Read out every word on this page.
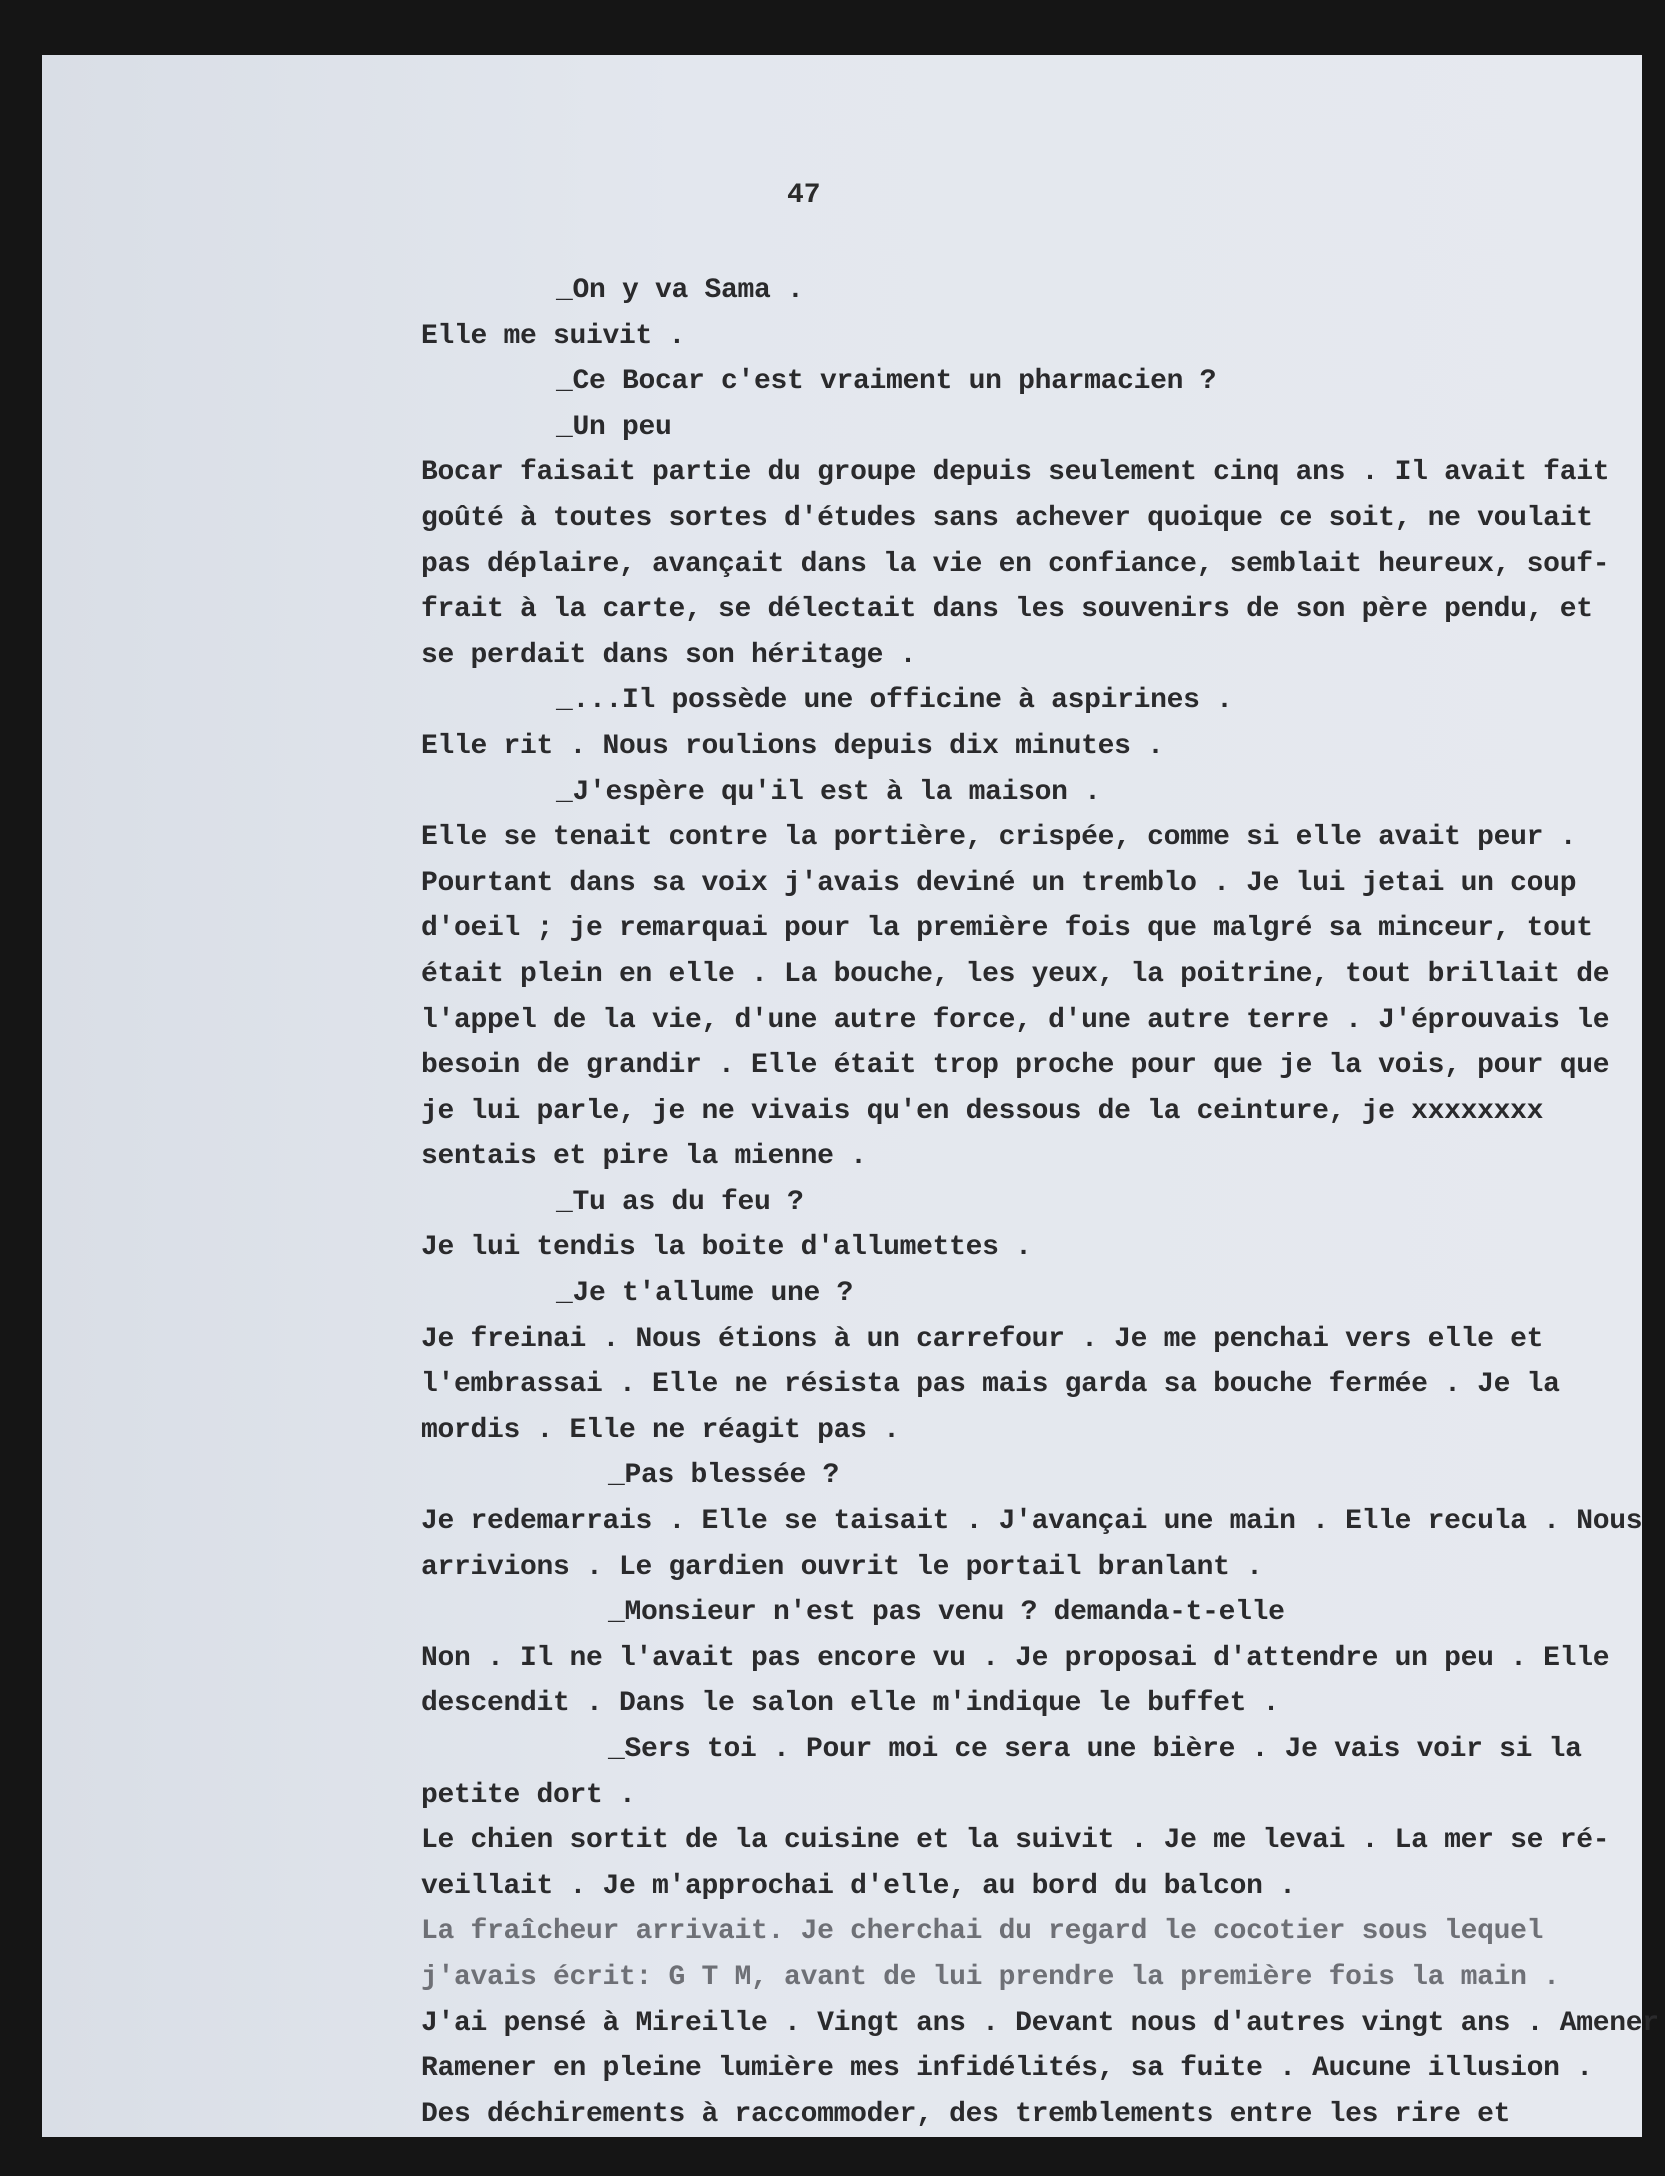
47
_On y va Sama .
Elle me suivit .
_Ce Bocar c'est vraiment un pharmacien ?
_Un peu
Bocar faisait partie du groupe depuis seulement cinq ans . Il avait fait
goûté à toutes sortes d'études sans achever quoique ce soit, ne voulait
pas déplaire, avançait dans la vie en confiance, semblait heureux, souf-
frait à la carte, se délectait dans les souvenirs de son père pendu, et
se perdait dans son héritage .
_...Il possède une officine à aspirines .
Elle rit . Nous roulions depuis dix minutes .
_J'espère qu'il est à la maison .
Elle se tenait contre la portière, crispée, comme si elle avait peur .
Pourtant dans sa voix j'avais deviné un tremblo . Je lui jetai un coup
d'oeil ; je remarquai pour la première fois que malgré sa minceur, tout
était plein en elle . La bouche, les yeux, la poitrine, tout brillait de
l'appel de la vie, d'une autre force, d'une autre terre . J'éprouvais le
besoin de grandir . Elle était trop proche pour que je la vois, pour que
je lui parle, je ne vivais qu'en dessous de la ceinture, je xxxxxxxx
sentais et pire la mienne .
_Tu as du feu ?
Je lui tendis la boite d'allumettes .
_Je t'allume une ?
Je freinai . Nous étions à un carrefour . Je me penchai vers elle et
l'embrassai . Elle ne résista pas mais garda sa bouche fermée . Je la
mordis . Elle ne réagit pas .
_Pas blessée ?
Je redemarrais . Elle se taisait . J'avançai une main . Elle recula . Nous
arrivions . Le gardien ouvrit le portail branlant .
_Monsieur n'est pas venu ? demanda-t-elle
Non . Il ne l'avait pas encore vu . Je proposai d'attendre un peu . Elle
descendit . Dans le salon elle m'indique le buffet .
_Sers toi . Pour moi ce sera une bière . Je vais voir si la
petite dort .
Le chien sortit de la cuisine et la suivit . Je me levai . La mer se ré-
veillait . Je m'approchai d'elle, au bord du balcon .
La fraîcheur arrivait. Je cherchai du regard le cocotier sous lequel
j'avais écrit: G T M, avant de lui prendre la première fois la main .
J'ai pensé à Mireille . Vingt ans . Devant nous d'autres vingt ans . Amener
Ramener en pleine lumière mes infidélités, sa fuite . Aucune illusion .
Des déchirements à raccommoder, des tremblements entre les rire et
